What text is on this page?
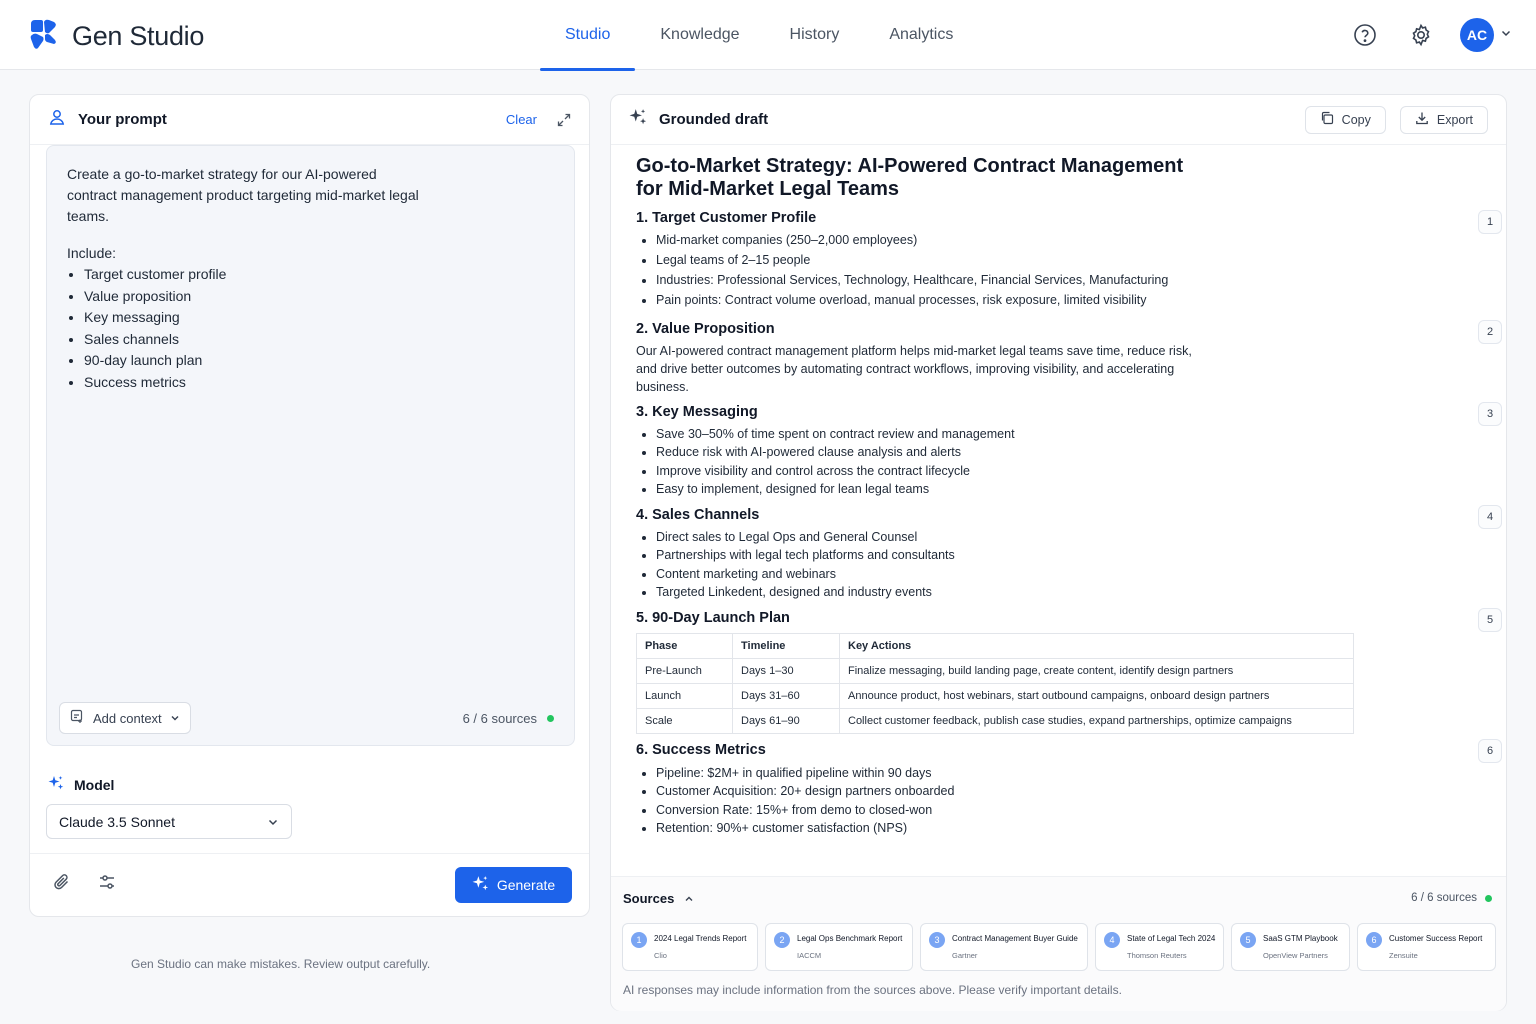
Gen Studio	Studio	Knowledge	History	Analytics	AC
Your prompt	Clear

Create a go-to-market strategy for our AI-powered contract management product targeting mid-market legal teams.

Include:
• Target customer profile
• Value proposition
• Key messaging
• Sales channels
• 90-day launch plan
• Success metrics
Add context	6 / 6 sources
Model
Claude 3.5 Sonnet
Generate
Gen Studio can make mistakes. Review output carefully.
Grounded draft	Copy	Export
Go-to-Market Strategy: AI-Powered Contract Management for Mid-Market Legal Teams
1. Target Customer Profile	1
• Mid-market companies (250–2,000 employees)
• Legal teams of 2–15 people
• Industries: Professional Services, Technology, Healthcare, Financial Services, Manufacturing
• Pain points: Contract volume overload, manual processes, risk exposure, limited visibility
2. Value Proposition	2

Our AI-powered contract management platform helps mid-market legal teams save time, reduce risk, and drive better outcomes by automating contract workflows, improving visibility, and accelerating business.

3. Key Messaging	3
• Save 30–50% of time spent on contract review and management
• Reduce risk with AI-powered clause analysis and alerts
• Improve visibility and control across the contract lifecycle
• Easy to implement, designed for lean legal teams
4. Sales Channels	4
• Direct sales to Legal Ops and General Counsel
• Partnerships with legal tech platforms and consultants
• Content marketing and webinars
• Targeted Linkedent, designed and industry events
5. 90-Day Launch Plan	5
Phase	Timeline	Key Actions
Pre-Launch	Days 1–30	Finalize messaging, build landing page, create content, identify design partners
Launch	Days 31–60	Announce product, host webinars, start outbound campaigns, onboard design partners
Scale	Days 61–90	Collect customer feedback, publish case studies, expand partnerships, optimize campaigns
6. Success Metrics	6
• Pipeline: $2M+ in qualified pipeline within 90 days
• Customer Acquisition: 20+ design partners onboarded
• Conversion Rate: 15%+ from demo to closed-won
• Retention: 90%+ customer satisfaction (NPS)
Sources	6 / 6 sources
1	2024 Legal Trends Report
Clio
2	Legal Ops Benchmark Report
IACCM
3	Contract Management Buyer Guide
Gartner
4	State of Legal Tech 2024
Thomson Reuters
5	SaaS GTM Playbook
OpenView Partners
6	Customer Success Report
Zensuite
AI responses may include information from the sources above. Please verify important details.
